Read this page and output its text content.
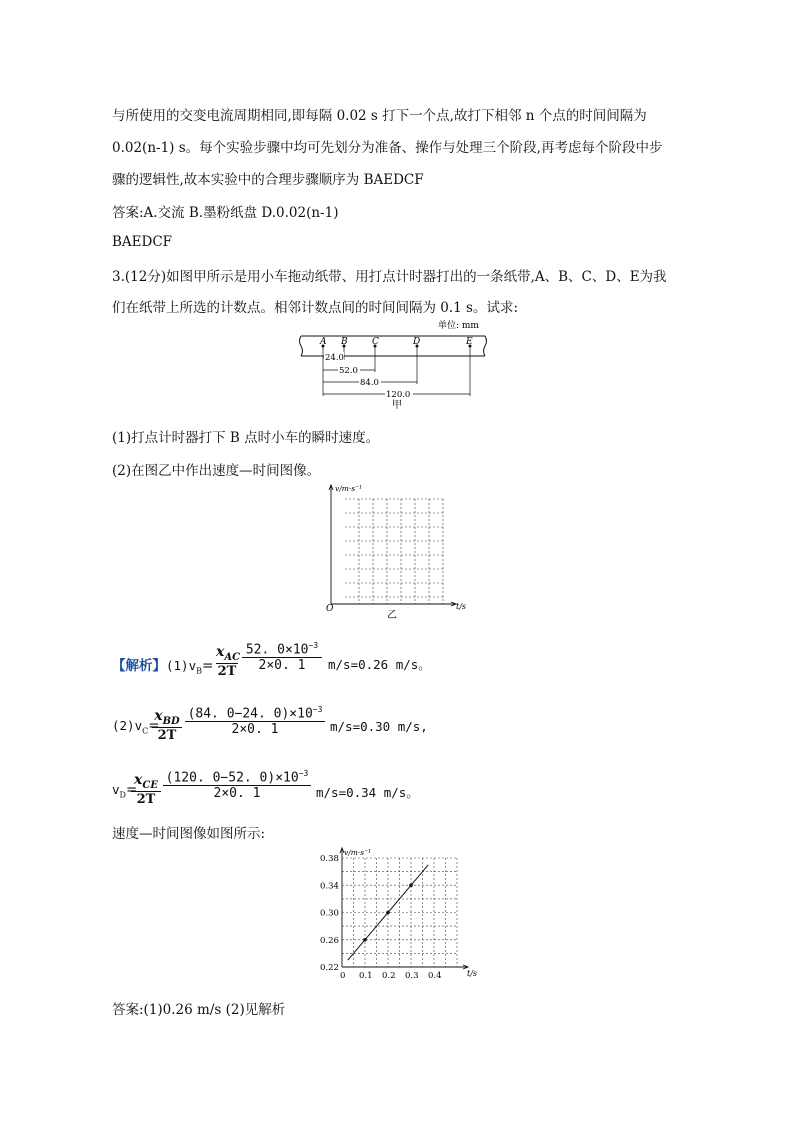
与所使用的交变电流周期相同,即每隔 0.02 s 打下一个点,故打下相邻 n 个点的时间间隔为
0.02(n-1) s。每个实验步骤中均可先划分为准备、操作与处理三个阶段,再考虑每个阶段中步
骤的逻辑性,故本实验中的合理步骤顺序为 BAEDCF
答案:A.交流 B.墨粉纸盘 D.0.02(n-1)
BAEDCF
3.(12分)如图甲所示是用小车拖动纸带、用打点计时器打出的一条纸带,A、B、C、D、E为我
们在纸带上所选的计数点。相邻计数点间的时间间隔为 0.1 s。试求:
单位: mm
A B	C	D	E
24.0
52.0
84.0
120.0
甲
(1)打点计时器打下 B 点时小车的瞬时速度。
(2)在图乙中作出速度—时间图像。
v/m·s⁻¹
t/s
O
乙
【解析】$(1)v_B=$
$x_{AC}$
2T
52. $0\times 10^{-3}$
2×0. 1	m/s=0.26 m/s。
$(2)v_C=$
$x_{BD}$
2T
(84. 0−24. $0)\times 10^{-3}$
2×0. 1	m/s=0.30 m/s,
$v_D=$
$x_{CE}$
2T
(120. 0−52. $0)\times 10^{-3}$
2×0. 1	m/s=0.34 m/s。
速度—时间图像如图所示:
v/m·s⁻¹
t/s
0.22
0.26
0.30
0.34
0.38
0 0.1 0.2 0.3 0.4
答案:(1)0.26 m/s (2)见解析
